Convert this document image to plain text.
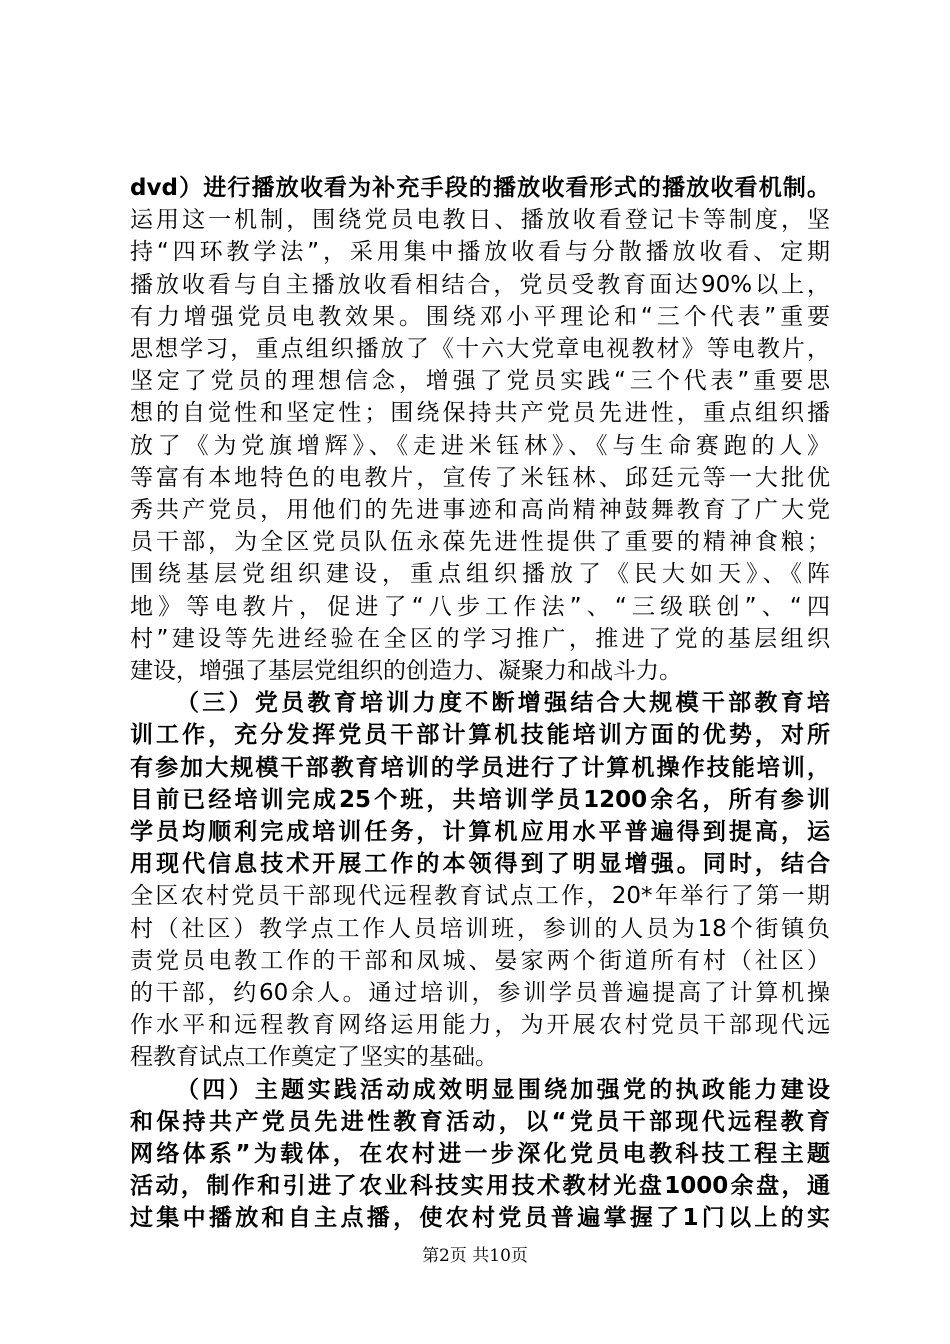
dvd）进行播放收看为补充手段的播放收看形式的播放收看机制。
运用这一机制，围绕党员电教日、播放收看登记卡等制度，坚
持“四环教学法”，采用集中播放收看与分散播放收看、定期
播放收看与自主播放收看相结合，党员受教育面达90%以上，
有力增强党员电教效果。围绕邓小平理论和“三个代表”重要
思想学习，重点组织播放了《十六大党章电视教材》等电教片，
坚定了党员的理想信念，增强了党员实践“三个代表”重要思
想的自觉性和坚定性；围绕保持共产党员先进性，重点组织播
放了《为党旗增辉》、《走进米钰林》、《与生命赛跑的人》
等富有本地特色的电教片，宣传了米钰林、邱廷元等一大批优
秀共产党员，用他们的先进事迹和高尚精神鼓舞教育了广大党
员干部，为全区党员队伍永葆先进性提供了重要的精神食粮；
围绕基层党组织建设，重点组织播放了《民大如天》、《阵
地》等电教片，促进了“八步工作法”、“三级联创”、“四
村”建设等先进经验在全区的学习推广，推进了党的基层组织
建设，增强了基层党组织的创造力、凝聚力和战斗力。
（三）党员教育培训力度不断增强结合大规模干部教育培
训工作，充分发挥党员干部计算机技能培训方面的优势，对所
有参加大规模干部教育培训的学员进行了计算机操作技能培训，
目前已经培训完成25个班，共培训学员1200余名，所有参训
学员均顺利完成培训任务，计算机应用水平普遍得到提高，运
用现代信息技术开展工作的本领得到了明显增强。同时，结合
全区农村党员干部现代远程教育试点工作，20*年举行了第一期
村（社区）教学点工作人员培训班，参训的人员为18个街镇负
责党员电教工作的干部和凤城、晏家两个街道所有村（社区）
的干部，约60余人。通过培训，参训学员普遍提高了计算机操
作水平和远程教育网络运用能力，为开展农村党员干部现代远
程教育试点工作奠定了坚实的基础。
（四）主题实践活动成效明显围绕加强党的执政能力建设
和保持共产党员先进性教育活动，以“党员干部现代远程教育
网络体系”为载体，在农村进一步深化党员电教科技工程主题
活动，制作和引进了农业科技实用技术教材光盘1000余盘，通
过集中播放和自主点播，使农村党员普遍掌握了1门以上的实
第2页 共10页
